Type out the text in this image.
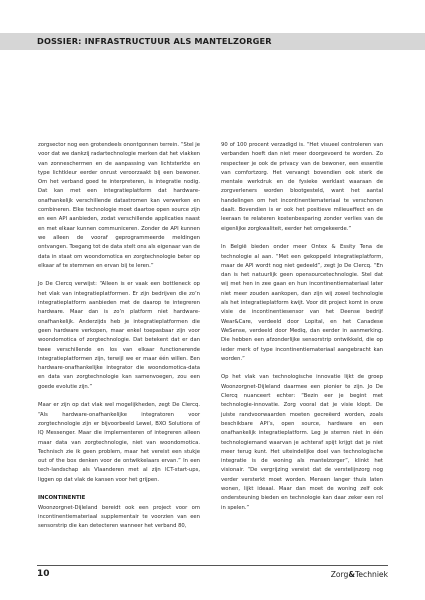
DOSSIER: INFRASTRUCTUUR ALS MANTELZORGER

zorgsector nog een grotendeels onontgonnen terrein. “Stel je voor dat we dankzij radartechnologie merken dat het vlakken van zonneschermen en de aanpassing van lichtsterkte en type lichtkleur eerder onrust veroorzaakt bij een bewoner. Om het verband goed te interpreteren, is integratie nodig. Dat kan met een integratieplatform dat hardware-onafhankelijk verschillende datastromen kan verwerken en combineren. Elke technologie moet daartoe open source zijn en een API aanbieden, zodat verschillende applicaties naast en met elkaar kunnen communiceren. Zonder de API kunnen we alleen de vooraf geprogrammeerde meldingen ontvangen. Toegang tot de data stelt ons als eigenaar van de data in staat om woondomotica en zorgtechnologie beter op elkaar af te stemmen en ervan bij te leren.”

Jo De Clercq verwijst: “Alleen is er vaak een bottleneck op het vlak van integratieplatformen. Er zijn bedrijven die zo’n integratieplatform aanbieden met de daarop te integreren hardware. Maar dan is zo’n platform niet hardware-onafhankelijk. Anderzijds heb je integratieplatformen die geen hardware verkopen, maar enkel toepasbaar zijn voor woondomotica of zorgtechnologie. Dat betekent dat er dan twee verschillende en los van elkaar functionerende integratieplatformen zijn, terwijl we er maar één willen. Een hardware-onafhankelijke integrator die woondomotica-data en data van zorgtechnologie kan samenvoegen, zou een goede evolutie zijn.”

Maar er zijn op dat vlak wel mogelijkheden, zegt De Clercq. “Als hardware-onafhankelijke integratoren voor zorgtechnologie zijn er bijvoorbeeld Lewel, BXO Solutions of IQ Messenger. Maar die implementeren of integreren alleen maar data van zorgtechnologie, niet van woondomotica. Technisch zie ik geen problem, maar het vereist een stukje out of the box denken voor de ontwikkelaars ervan.” In een tech-landschap als Vlaanderen met al zijn ICT-start-ups, liggen op dat vlak de kansen voor het grijpen.

INCONTINENTIE

Woonzorgnet-Dijleland bereidt ook een project voor om incontinentiemateriaal supplementair te voorzien van een sensorstrip die kan detecteren wanneer het verband 80,

90 of 100 procent verzadigd is. “Het visueel controleren van verbanden hoeft dan niet meer doorgevoerd te worden. Zo respecteer je ook de privacy van de bewoner, een essentie van comfortzorg. Het vervangt bovendien ook sterk de mentale werkdruk en de fysieke werklast waaraan de zorgverleners worden blootgesteld, want het aantal handelingen om het incontinentiemateriaal te verschonen daalt. Bovendien is er ook het positieve milieueffect en de leeraan te relateren kostenbesparing zonder verlies van de eigenlijke zorgkwaliteit, eerder het omgekeerde.”

In België bieden onder meer Ontex & Essity Tena de technologie al aan. “Met een gekoppeld integratieplatform, maar de API wordt nog niet gedeeld”, zegt Jo De Clercq. “En dan is het natuurlijk geen opensourcetechnologie. Stel dat wij met hen in zee gaan en hun incontinentiemateriaal later niet meer zouden aankopen, dan zijn wij zowel technologie als het integratieplatform kwijt. Voor dit project komt in onze visie de incontinentiesensor van het Deense bedrijf Wear&Care, verdeeld door Lopital, en het Canadese WeSense, verdeeld door Mediq, dan eerder in aanmerking. Die hebben een afzonderlijke sensorstrip ontwikkeld, die op ieder merk of type incontinentiemateriaal aangebracht kan worden.”

Op het vlak van technologische innovatie lijkt de groep Woonzorgnet-Dijleland daarmee een pionier te zijn. Jo De Clercq nuanceert echter: “Bezin eer je begint met technologie-innovatie. Zorg vooral dat je visie klopt. De juiste randvoorwaarden moeten gecreëerd worden, zoals beschikbare API’s, open source, hardware en een onafhankelijk integratieplatform. Leg je sterren niet in één technologiemand waarvan je achteraf spijt krijgt dat je niet meer terug kunt. Het uiteindelijke doel van technologische integratie is de woning als mantelzorger”, klinkt het visionair. “De vergrijzing vereist dat de verstelijnzorg nog verder versterkt moet worden. Mensen langer thuis laten wonen, lijkt ideaal. Maar dan moet de woning zelf ook ondersteuning bieden en technologie kan daar zeker een rol in spelen.”

10	Zorg&Techniek
